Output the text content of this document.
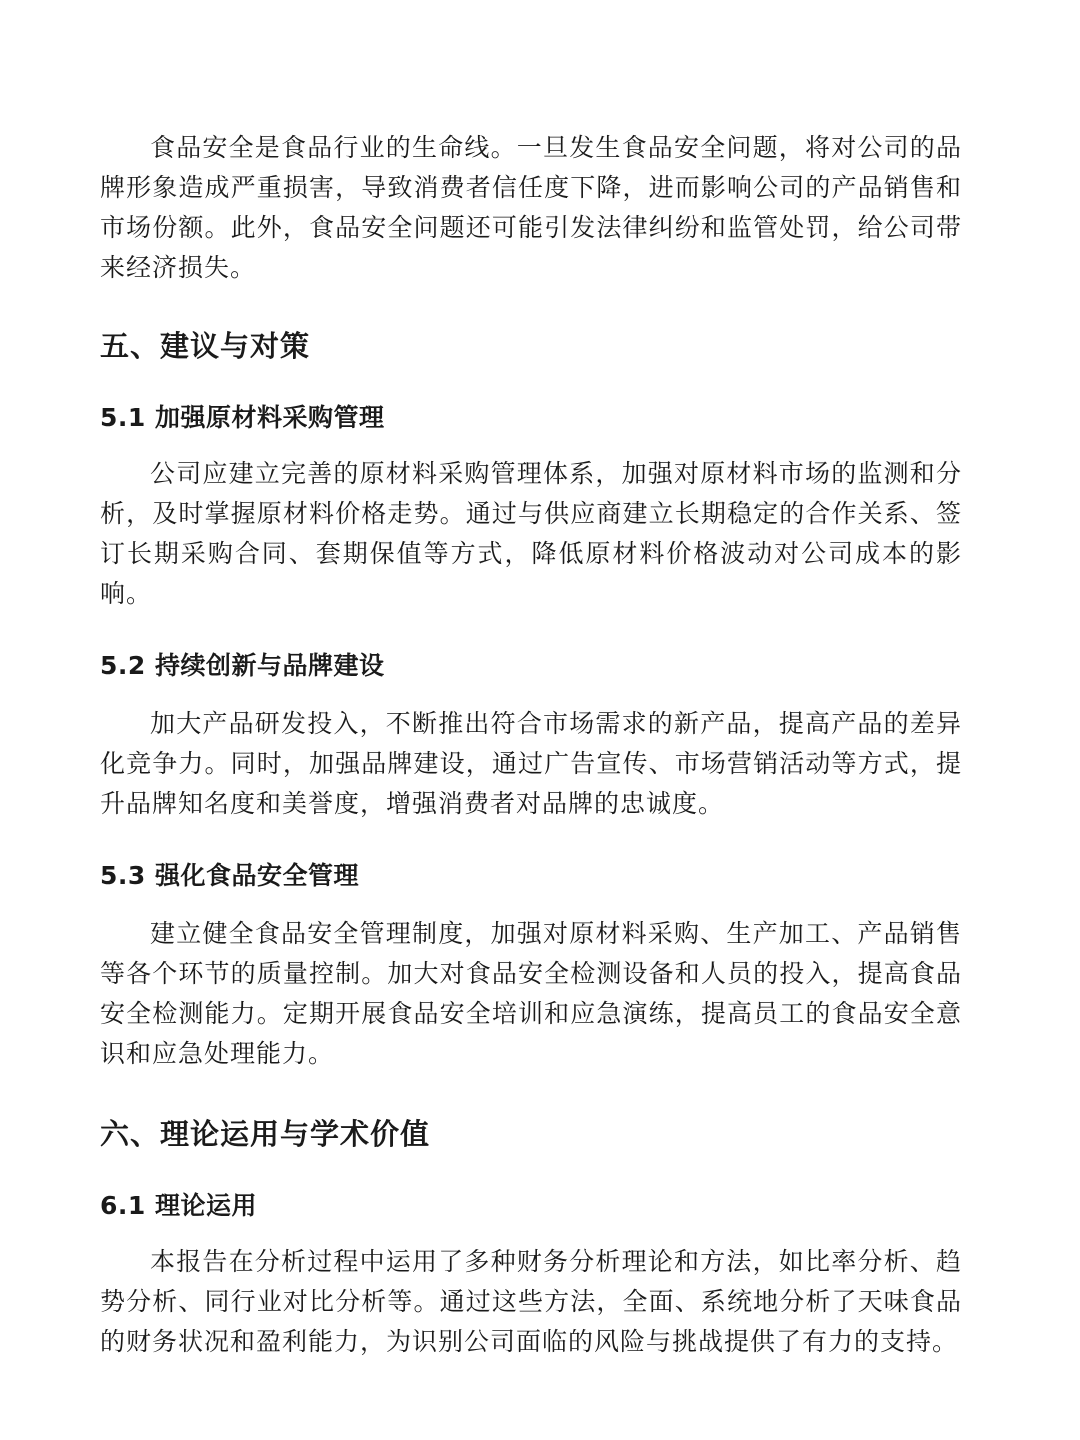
食品安全是食品行业的生命线。一旦发生食品安全问题，将对公司的品牌形象造成严重损害，导致消费者信任度下降，进而影响公司的产品销售和市场份额。此外，食品安全问题还可能引发法律纠纷和监管处罚，给公司带来经济损失。

五、建议与对策
5.1 加强原材料采购管理

公司应建立完善的原材料采购管理体系，加强对原材料市场的监测和分析，及时掌握原材料价格走势。通过与供应商建立长期稳定的合作关系、签订长期采购合同、套期保值等方式，降低原材料价格波动对公司成本的影响。

5.2 持续创新与品牌建设

加大产品研发投入，不断推出符合市场需求的新产品，提高产品的差异化竞争力。同时，加强品牌建设，通过广告宣传、市场营销活动等方式，提升品牌知名度和美誉度，增强消费者对品牌的忠诚度。

5.3 强化食品安全管理

建立健全食品安全管理制度，加强对原材料采购、生产加工、产品销售等各个环节的质量控制。加大对食品安全检测设备和人员的投入，提高食品安全检测能力。定期开展食品安全培训和应急演练，提高员工的食品安全意识和应急处理能力。

六、理论运用与学术价值
6.1 理论运用

本报告在分析过程中运用了多种财务分析理论和方法，如比率分析、趋势分析、同行业对比分析等。通过这些方法，全面、系统地分析了天味食品的财务状况和盈利能力，为识别公司面临的风险与挑战提供了有力的支持。
